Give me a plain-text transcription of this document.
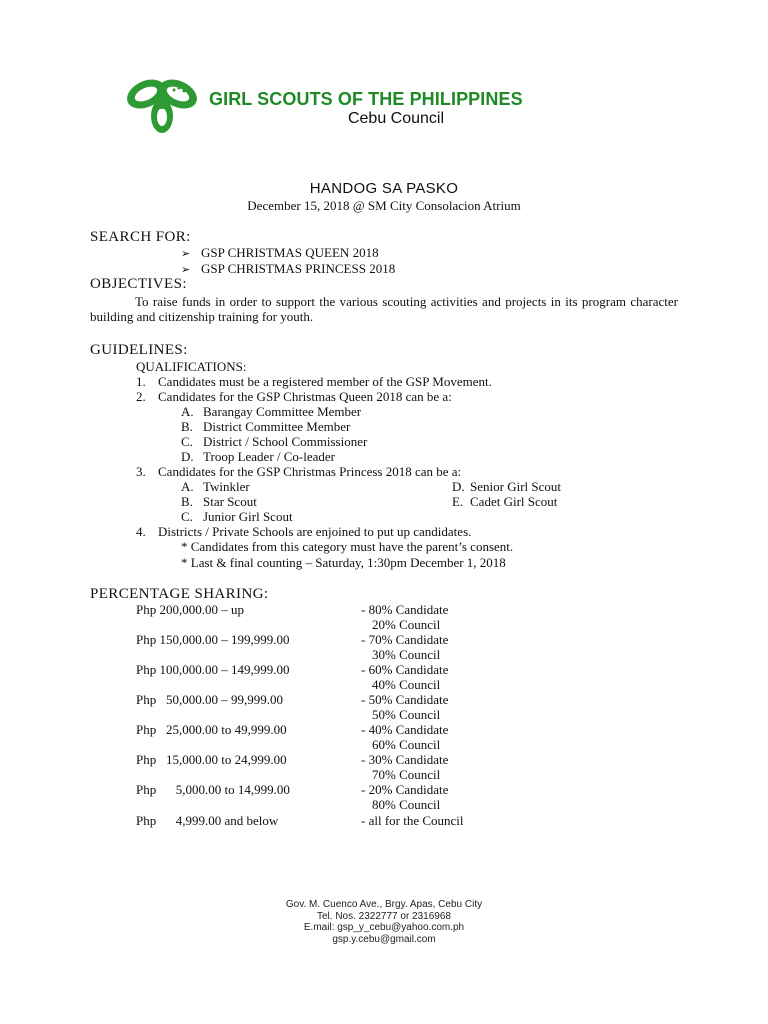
GIRL SCOUTS OF THE PHILIPPINES
Cebu Council
HANDOG SA PASKO
December 15, 2018 @ SM City Consolacion Atrium
SEARCH FOR:
➢ GSP CHRISTMAS QUEEN 2018
➢ GSP CHRISTMAS PRINCESS 2018
OBJECTIVES:
To raise funds in order to support the various scouting activities and projects in its program character building and citizenship training for youth.
GUIDELINES:
QUALIFICATIONS:
1. Candidates must be a registered member of the GSP Movement.
2. Candidates for the GSP Christmas Queen 2018 can be a:
A. Barangay Committee Member
B. District Committee Member
C. District / School Commissioner
D. Troop Leader / Co-leader
3. Candidates for the GSP Christmas Princess 2018 can be a:
A. Twinkler
B. Star Scout
C. Junior Girl Scout
D. Senior Girl Scout
E. Cadet Girl Scout
4. Districts / Private Schools are enjoined to put up candidates.
* Candidates from this category must have the parent’s consent.
* Last & final counting – Saturday, 1:30pm December 1, 2018
PERCENTAGE SHARING:
Php 200,000.00 – up	- 80% Candidate
20% Council
Php 150,000.00 – 199,999.00	- 70% Candidate
30% Council
Php 100,000.00 – 149,999.00	- 60% Candidate
40% Council
Php   50,000.00 – 99,999.00	- 50% Candidate
50% Council
Php   25,000.00 to 49,999.00	- 40% Candidate
60% Council
Php   15,000.00 to 24,999.00	- 30% Candidate
70% Council
Php      5,000.00 to 14,999.00	- 20% Candidate
80% Council
Php      4,999.00 and below	- all for the Council
Gov. M. Cuenco Ave., Brgy. Apas, Cebu City
Tel. Nos. 2322777 or 2316968
E.mail: gsp_y_cebu@yahoo.com.ph
gsp.y.cebu@gmail.com
